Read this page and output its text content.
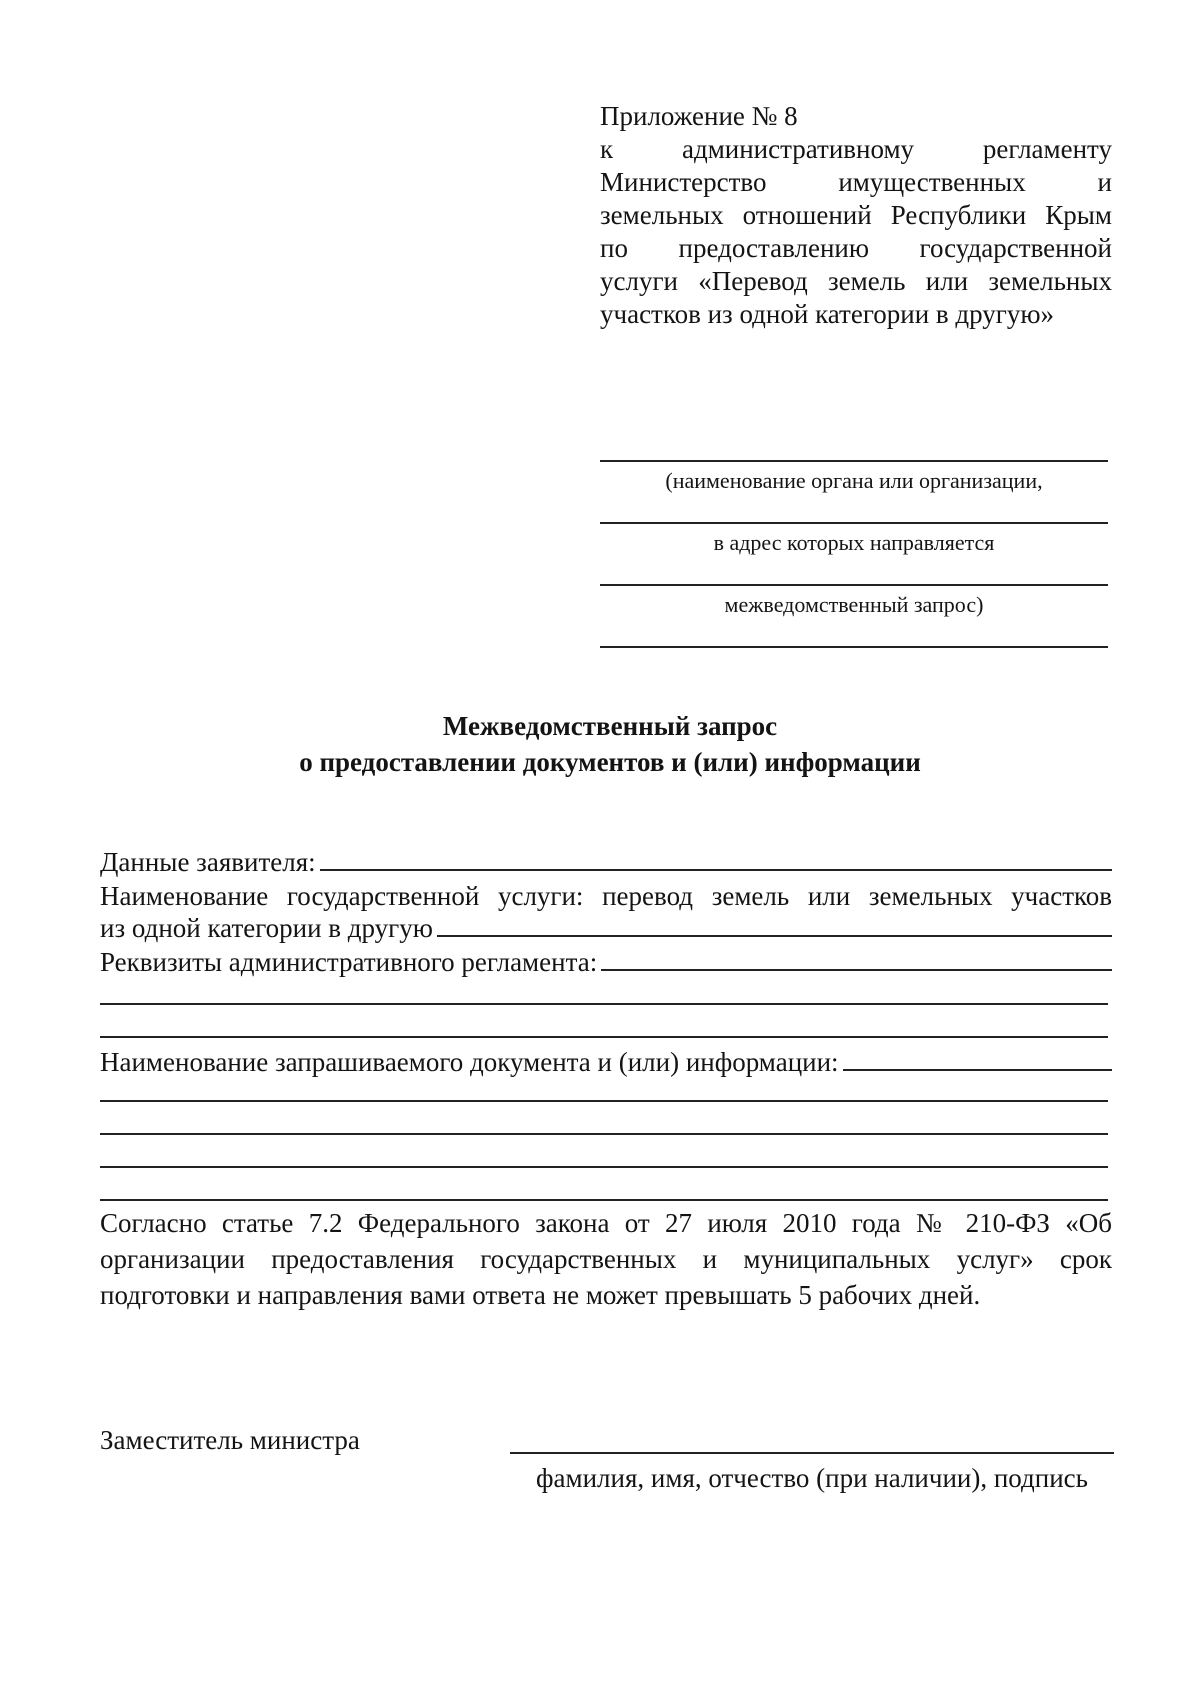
Приложение № 8
к административному регламенту
Министерство имущественных и
земельных отношений Республики Крым
по предоставлению государственной
услуги «Перевод земель или земельных
участков из одной категории в другую»
(наименование органа или организации,
в адрес которых направляется
межведомственный запрос)
Межведомственный запрос
о предоставлении документов и (или) информации
Данные заявителя:
Наименование государственной услуги: перевод земель или земельных участков
из одной категории в другую
Реквизиты административного регламента:
Наименование запрашиваемого документа и (или) информации:
Согласно статье 7.2 Федерального закона от 27 июля 2010 года № 210-ФЗ «Об
организации предоставления государственных и муниципальных услуг» срок
подготовки и направления вами ответа не может превышать 5 рабочих дней.
Заместитель министра
фамилия, имя, отчество (при наличии), подпись
